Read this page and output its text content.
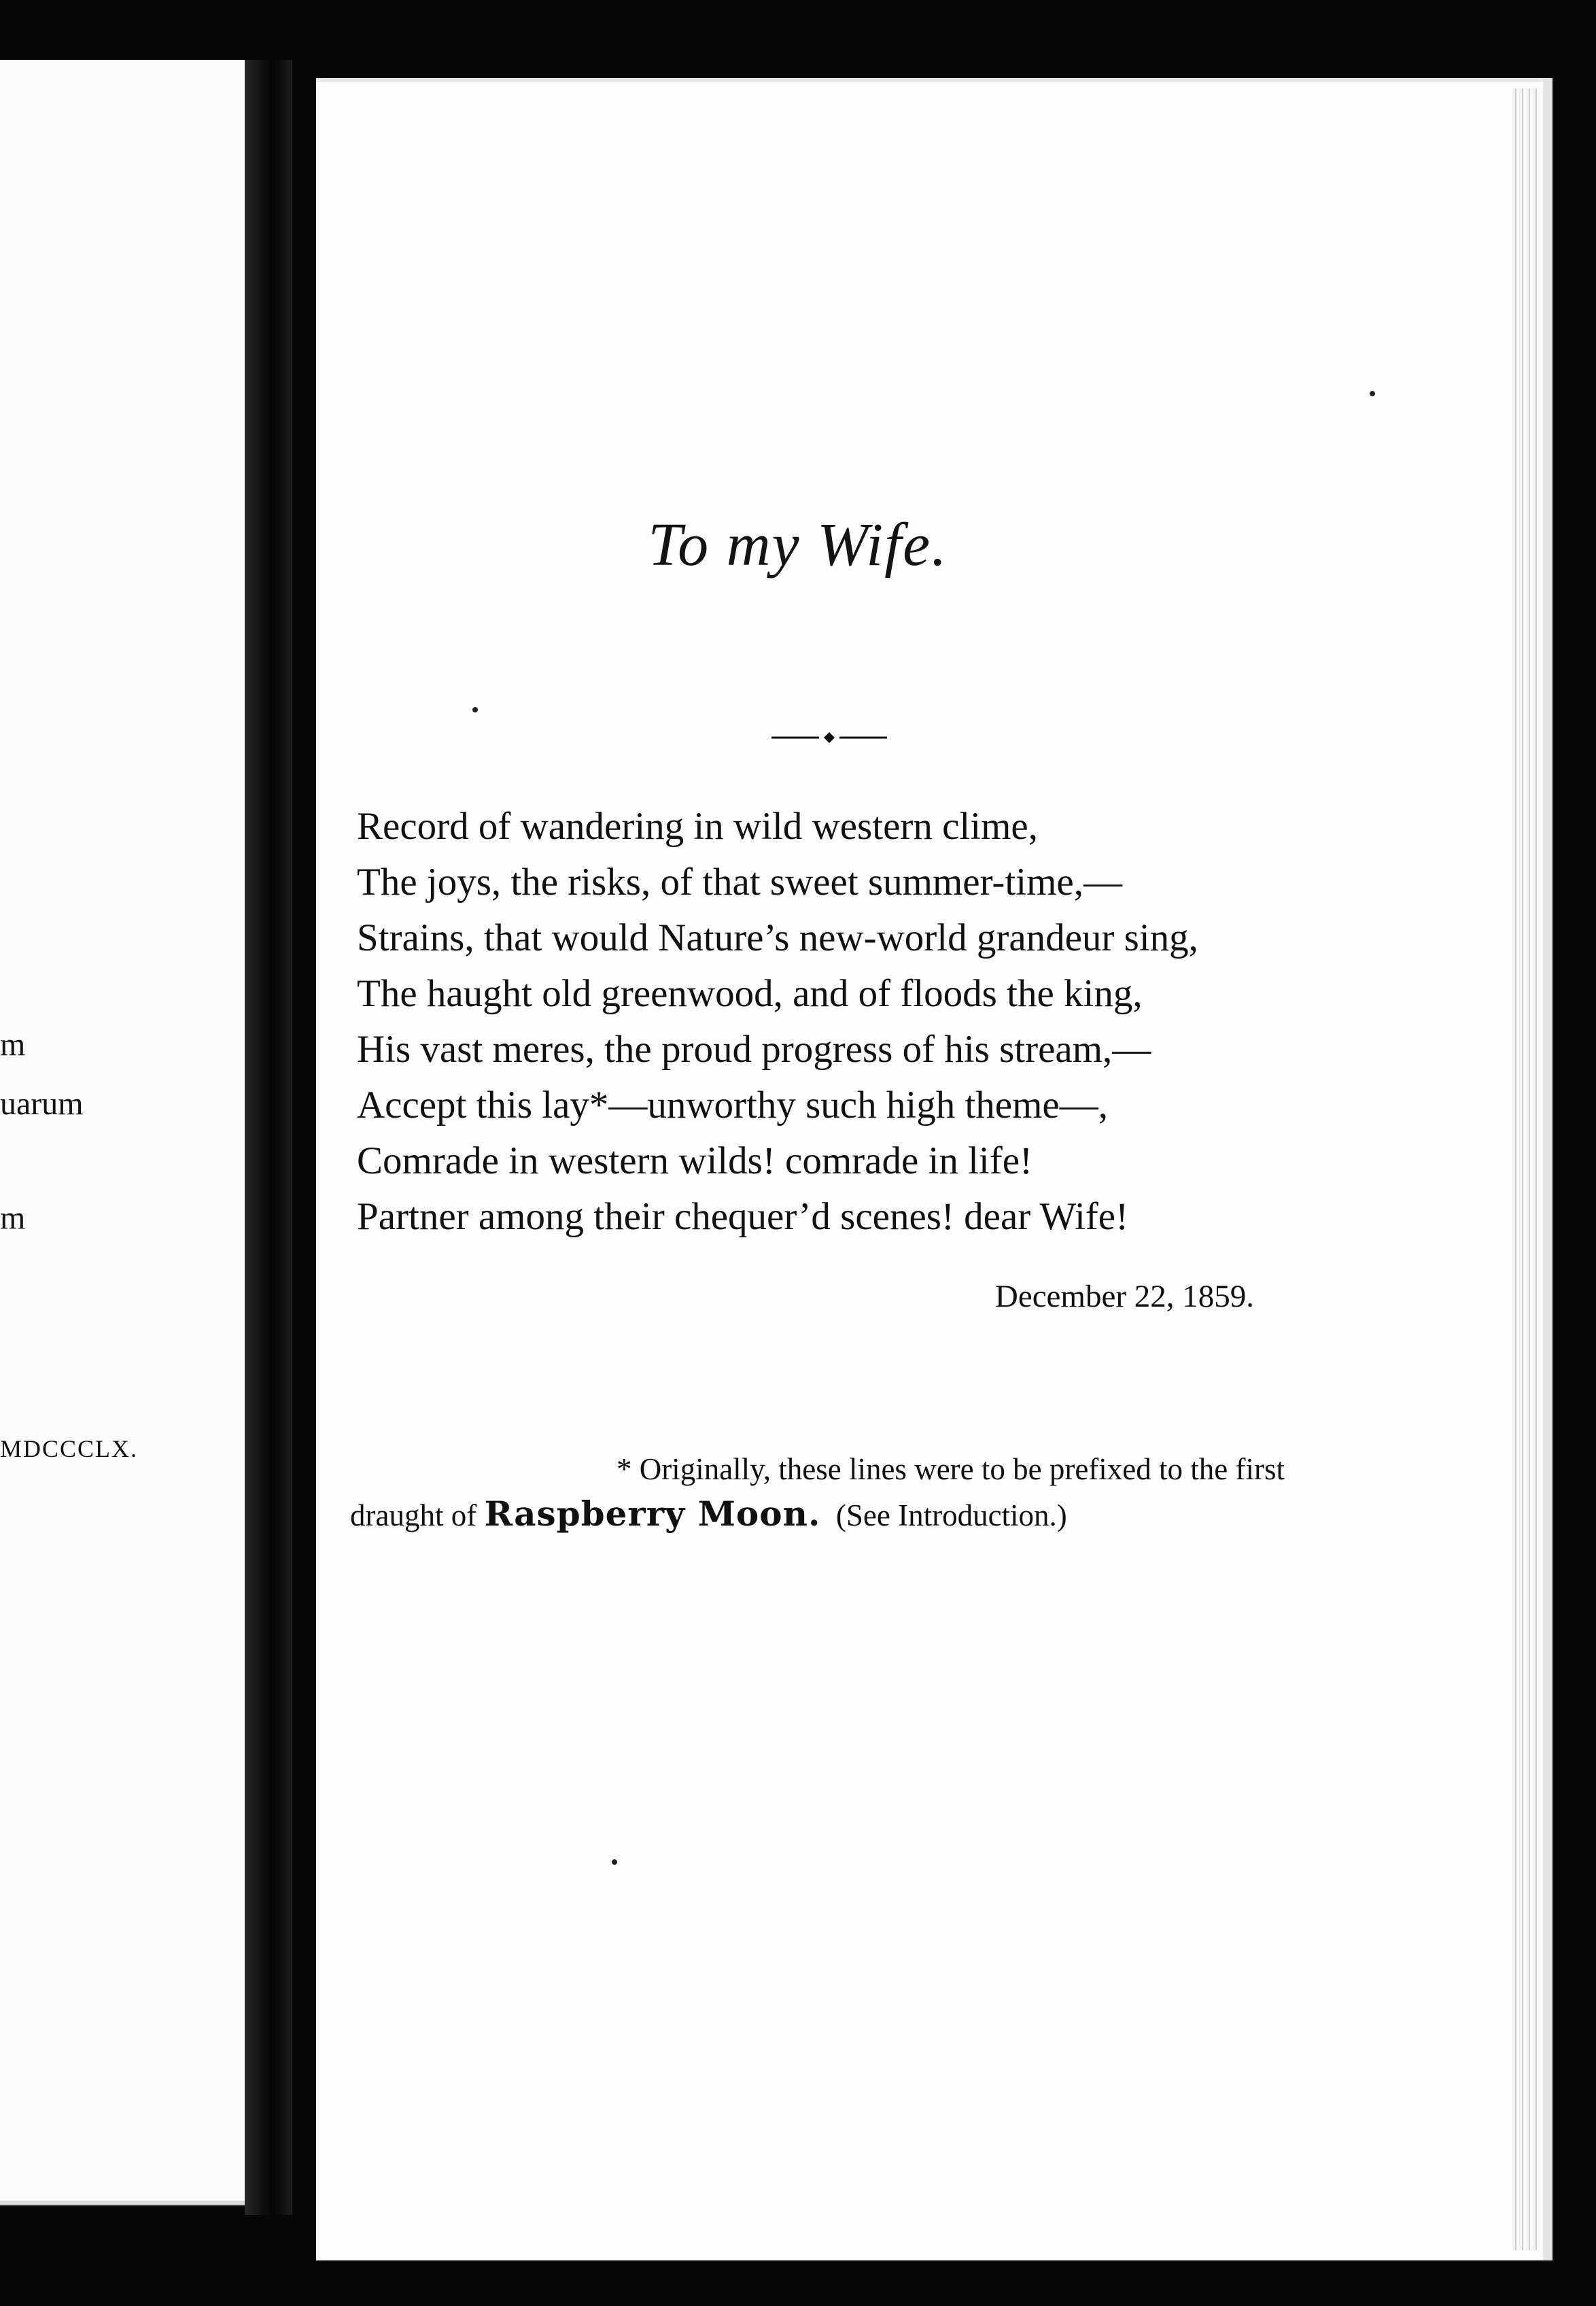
m
uarum
m
MDCCCLX.
To my Wife.
Record of wandering in wild western clime,
The joys, the risks, of that sweet summer-time,—
Strains, that would Nature’s new-world grandeur sing,
The haught old greenwood, and of floods the king,
His vast meres, the proud progress of his stream,—
Accept this lay*—unworthy such high theme—,
Comrade in western wilds! comrade in life!
Partner among their chequer’d scenes! dear Wife!
December 22, 1859.
* Originally, these lines were to be prefixed to the first
draught of Raspberry Moon.  (See Introduction.)
